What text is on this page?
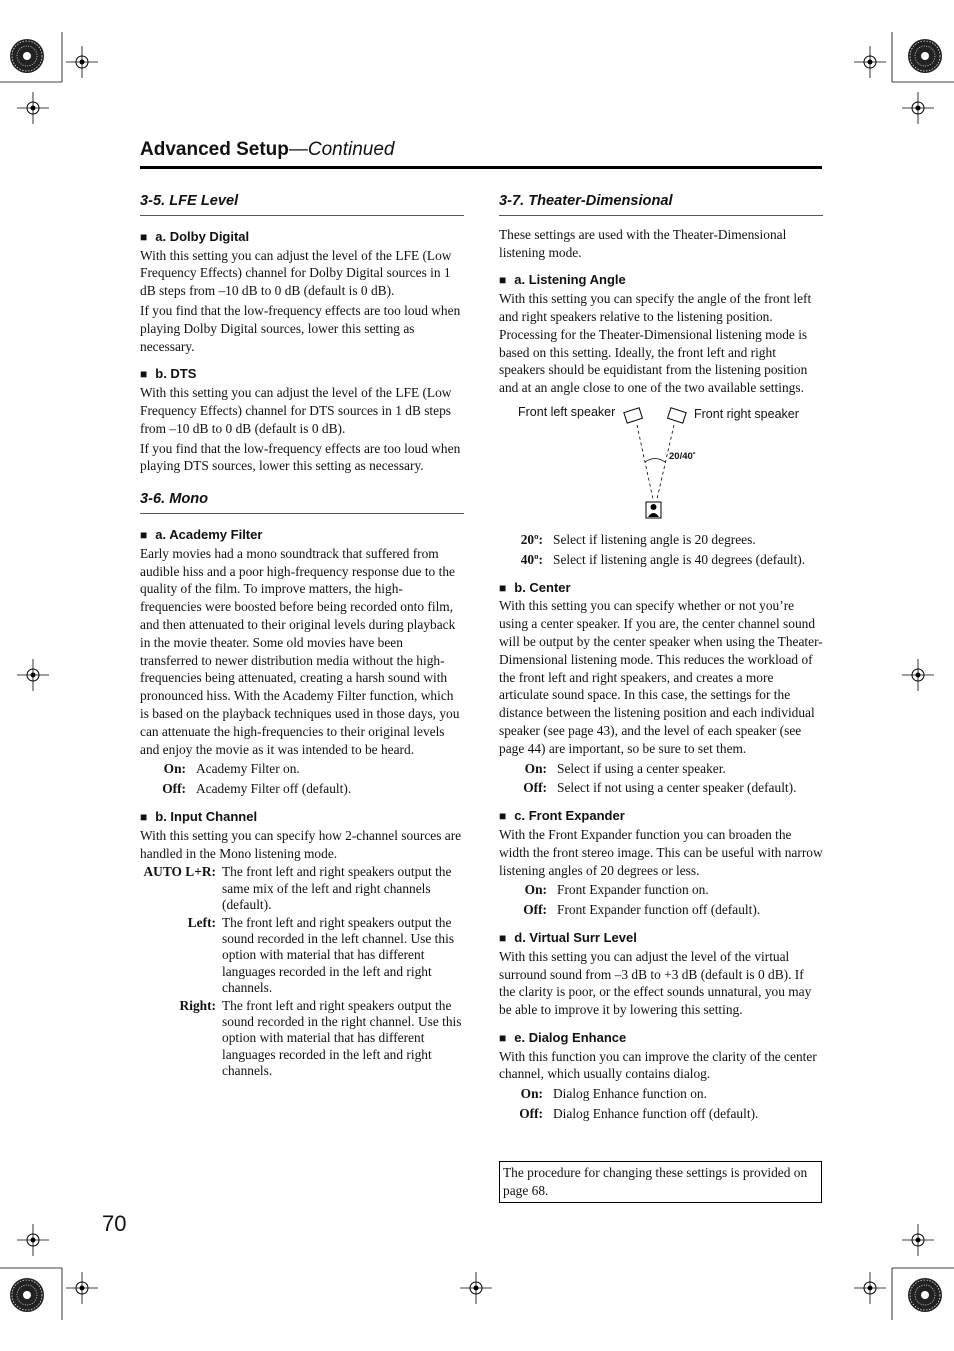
Advanced Setup—Continued
3-5. LFE Level
■ a. Dolby Digital

With this setting you can adjust the level of the LFE (Low Frequency Effects) channel for Dolby Digital sources in 1 dB steps from –10 dB to 0 dB (default is 0 dB).

If you find that the low-frequency effects are too loud when playing Dolby Digital sources, lower this setting as necessary.

■ b. DTS

With this setting you can adjust the level of the LFE (Low Frequency Effects) channel for DTS sources in 1 dB steps from –10 dB to 0 dB (default is 0 dB).

If you find that the low-frequency effects are too loud when playing DTS sources, lower this setting as necessary.

3-6. Mono
■ a. Academy Filter

Early movies had a mono soundtrack that suffered from audible hiss and a poor high-frequency response due to the quality of the film. To improve matters, the high-frequencies were boosted before being recorded onto film, and then attenuated to their original levels during playback in the movie theater. Some old movies have been transferred to newer distribution media without the high-frequencies being attenuated, creating a harsh sound with pronounced hiss. With the Academy Filter function, which is based on the playback techniques used in those days, you can attenuate the high-frequencies to their original levels and enjoy the movie as it was intended to be heard.

On: Academy Filter on.
Off: Academy Filter off (default).
■ b. Input Channel

With this setting you can specify how 2-channel sources are handled in the Mono listening mode.

AUTO L+R: The front left and right speakers output the same mix of the left and right channels (default).
Left: The front left and right speakers output the sound recorded in the left channel. Use this option with material that has different languages recorded in the left and right channels.
Right: The front left and right speakers output the sound recorded in the right channel. Use this option with material that has different languages recorded in the left and right channels.
3-7. Theater-Dimensional

These settings are used with the Theater-Dimensional listening mode.

■ a. Listening Angle

With this setting you can specify the angle of the front left and right speakers relative to the listening position. Processing for the Theater-Dimensional listening mode is based on this setting. Ideally, the front left and right speakers should be equidistant from the listening position and at an angle close to one of the two available settings.

Front left speaker	Front right speaker
20/40˚
20º: Select if listening angle is 20 degrees.
40º: Select if listening angle is 40 degrees (default).
■ b. Center

With this setting you can specify whether or not you’re using a center speaker. If you are, the center channel sound will be output by the center speaker when using the Theater-Dimensional listening mode. This reduces the workload of the front left and right speakers, and creates a more articulate sound space. In this case, the settings for the distance between the listening position and each individual speaker (see page 43), and the level of each speaker (see page 44) are important, so be sure to set them.

On: Select if using a center speaker.
Off: Select if not using a center speaker (default).
■ c. Front Expander

With the Front Expander function you can broaden the width the front stereo image. This can be useful with narrow listening angles of 20 degrees or less.

On: Front Expander function on.
Off: Front Expander function off (default).
■ d. Virtual Surr Level

With this setting you can adjust the level of the virtual surround sound from –3 dB to +3 dB (default is 0 dB). If the clarity is poor, or the effect sounds unnatural, you may be able to improve it by lowering this setting.

■ e. Dialog Enhance

With this function you can improve the clarity of the center channel, which usually contains dialog.

On: Dialog Enhance function on.
Off: Dialog Enhance function off (default).
The procedure for changing these settings is provided on page 68.
70
